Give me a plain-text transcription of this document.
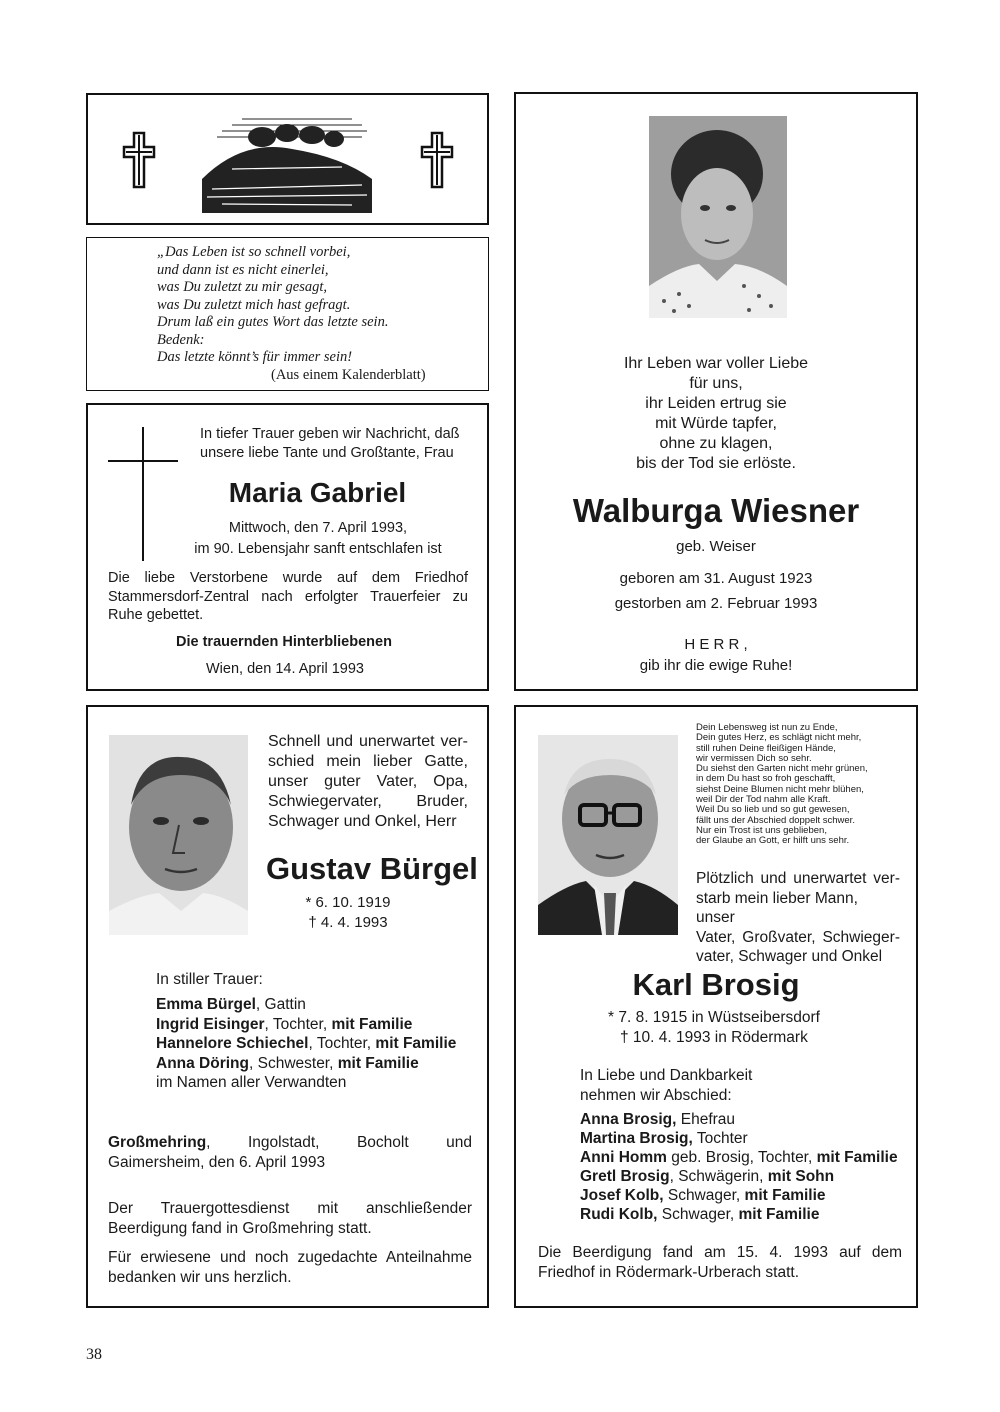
„Das Leben ist so schnell vorbei,
und dann ist es nicht einerlei,
was Du zuletzt zu mir gesagt,
was Du zuletzt mich hast gefragt.
Drum laß ein gutes Wort das letzte sein.
Bedenk:
Das letzte könnt’s für immer sein!
(Aus einem Kalenderblatt)
In tiefer Trauer geben wir Nachricht, daß
unsere liebe Tante und Großtante, Frau
Maria Gabriel
Mittwoch, den 7. April 1993,
im 90. Lebensjahr sanft entschlafen ist
Die liebe Verstorbene wurde auf dem Friedhof Stammersdorf-Zentral nach erfolgter Trauerfeier zu Ruhe gebettet.
Die trauernden Hinterbliebenen
Wien, den 14. April 1993
Ihr Leben war voller Liebe
für uns,
ihr Leiden ertrug sie
mit Würde tapfer,
ohne zu klagen,
bis der Tod sie erlöste.
Walburga Wiesner
geb. Weiser
geboren am 31. August 1923
gestorben am 2. Februar 1993
H E R R ,
gib ihr die ewige Ruhe!
Schnell und unerwartet ver-
schied mein lieber Gatte,
unser guter Vater, Opa,
Schwiegervater, Bruder,
Schwager und Onkel, Herr
Gustav Bürgel
* 6. 10. 1919
† 4. 4. 1993
In stiller Trauer:
Emma Bürgel, Gattin
Ingrid Eisinger, Tochter, mit Familie
Hannelore Schiechel, Tochter, mit Familie
Anna Döring, Schwester, mit Familie
im Namen aller Verwandten
Großmehring, Ingolstadt, Bocholt und Gaimersheim, den 6. April 1993
Der Trauergottesdienst mit anschließender Beerdigung fand in Großmehring statt.
Für erwiesene und noch zugedachte Anteilnahme bedanken wir uns herzlich.
Dein Lebensweg ist nun zu Ende,
Dein gutes Herz, es schlägt nicht mehr,
still ruhen Deine fleißigen Hände,
wir vermissen Dich so sehr.
Du siehst den Garten nicht mehr grünen,
in dem Du hast so froh geschafft,
siehst Deine Blumen nicht mehr blühen,
weil Dir der Tod nahm alle Kraft.
Weil Du so lieb und so gut gewesen,
fällt uns der Abschied doppelt schwer.
Nur ein Trost ist uns geblieben,
der Glaube an Gott, er hilft uns sehr.
Plötzlich und unerwartet ver-
starb mein lieber Mann, unser
Vater, Großvater, Schwieger-
vater, Schwager und Onkel
Karl Brosig
* 7. 8. 1915 in Wüstseibersdorf
† 10. 4. 1993 in Rödermark
In Liebe und Dankbarkeit
nehmen wir Abschied:
Anna Brosig, Ehefrau
Martina Brosig, Tochter
Anni Homm geb. Brosig, Tochter, mit Familie
Gretl Brosig, Schwägerin, mit Sohn
Josef Kolb, Schwager, mit Familie
Rudi Kolb, Schwager, mit Familie
Die Beerdigung fand am 15. 4. 1993 auf dem Friedhof in Rödermark-Urberach statt.
38
